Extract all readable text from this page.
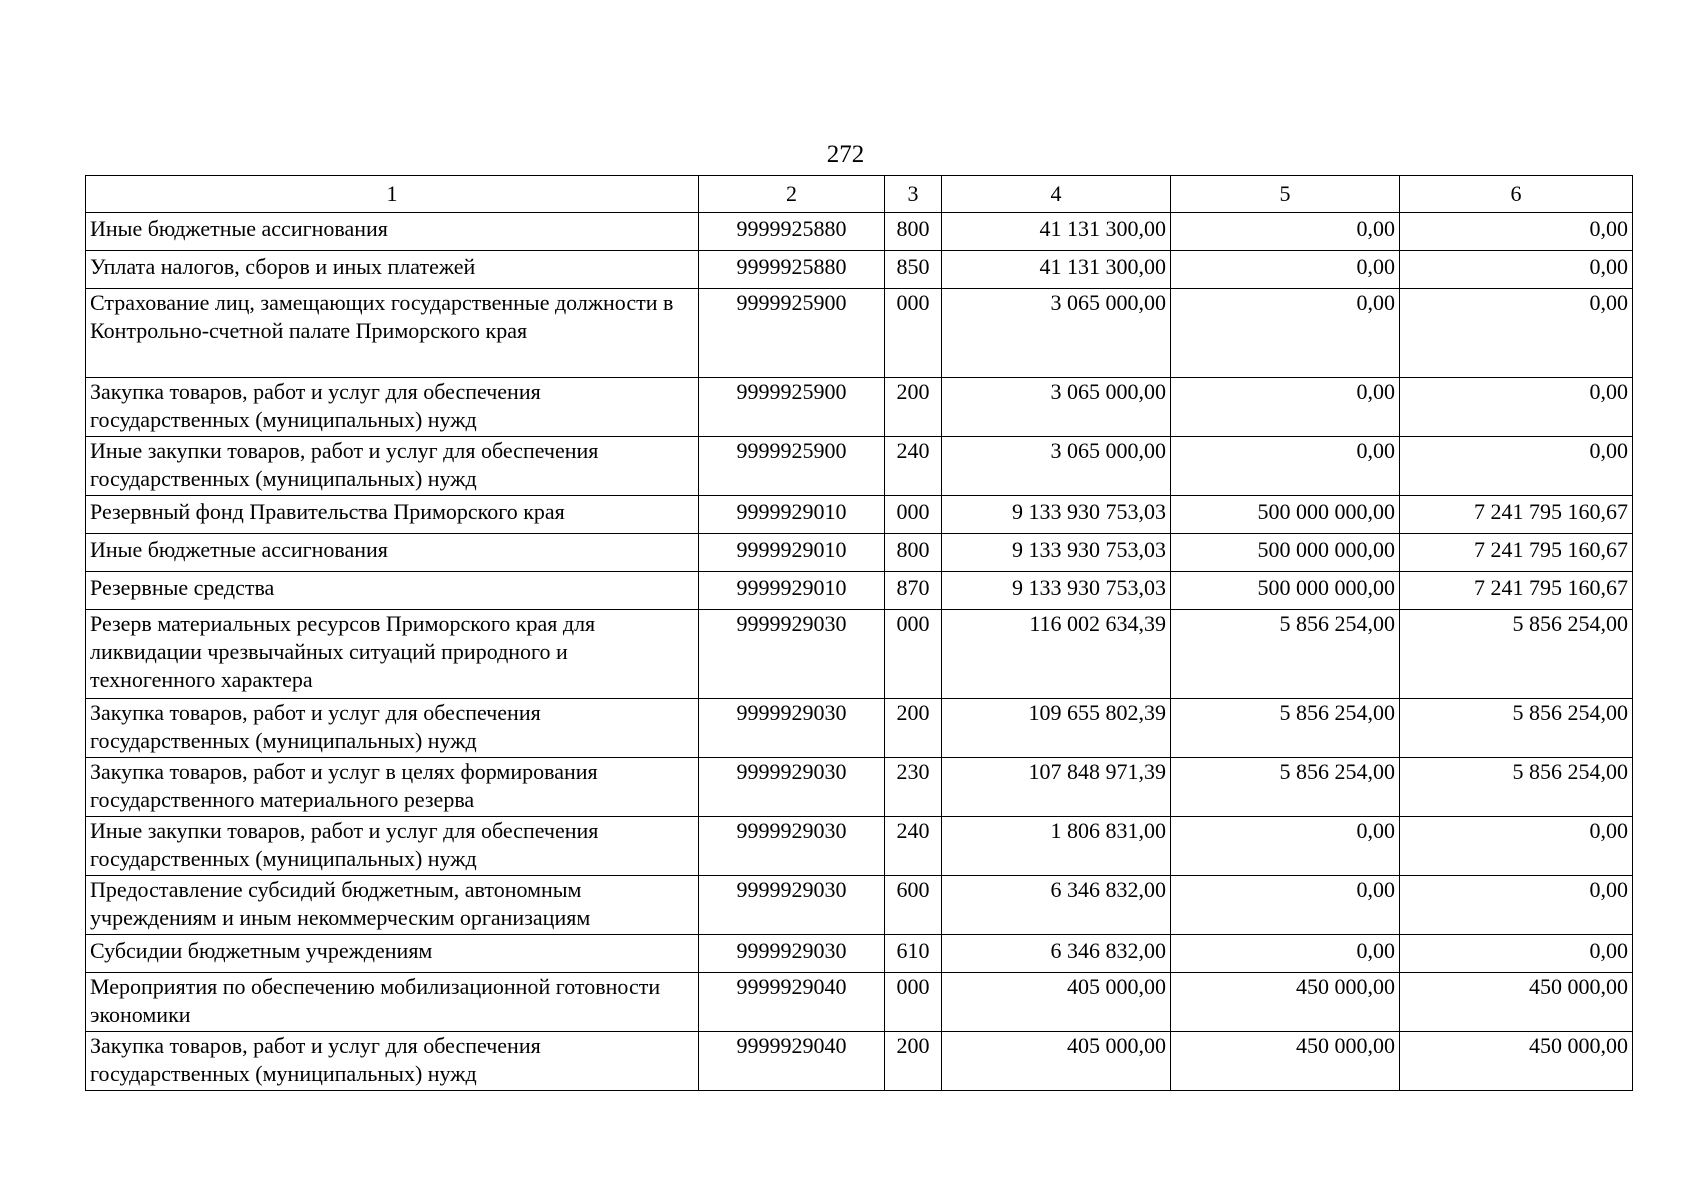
272
1	2	3	4	5	6
Иные бюджетные ассигнования	9999925880	800	41 131 300,00	0,00	0,00
Уплата налогов, сборов и иных платежей	9999925880	850	41 131 300,00	0,00	0,00
Страхование лиц, замещающих государственные должности в Контрольно-счетной палате Приморского края	9999925900	000	3 065 000,00	0,00	0,00
Закупка товаров, работ и услуг для обеспечения государственных (муниципальных) нужд	9999925900	200	3 065 000,00	0,00	0,00
Иные закупки товаров, работ и услуг для обеспечения государственных (муниципальных) нужд	9999925900	240	3 065 000,00	0,00	0,00
Резервный фонд Правительства Приморского края	9999929010	000	9 133 930 753,03	500 000 000,00	7 241 795 160,67
Иные бюджетные ассигнования	9999929010	800	9 133 930 753,03	500 000 000,00	7 241 795 160,67
Резервные средства	9999929010	870	9 133 930 753,03	500 000 000,00	7 241 795 160,67
Резерв материальных ресурсов Приморского края для ликвидации чрезвычайных ситуаций природного и техногенного характера	9999929030	000	116 002 634,39	5 856 254,00	5 856 254,00
Закупка товаров, работ и услуг для обеспечения государственных (муниципальных) нужд	9999929030	200	109 655 802,39	5 856 254,00	5 856 254,00
Закупка товаров, работ и услуг в целях формирования государственного материального резерва	9999929030	230	107 848 971,39	5 856 254,00	5 856 254,00
Иные закупки товаров, работ и услуг для обеспечения государственных (муниципальных) нужд	9999929030	240	1 806 831,00	0,00	0,00
Предоставление субсидий бюджетным, автономным учреждениям и иным некоммерческим организациям	9999929030	600	6 346 832,00	0,00	0,00
Субсидии бюджетным учреждениям	9999929030	610	6 346 832,00	0,00	0,00
Мероприятия по обеспечению мобилизационной готовности экономики	9999929040	000	405 000,00	450 000,00	450 000,00
Закупка товаров, работ и услуг для обеспечения государственных (муниципальных) нужд	9999929040	200	405 000,00	450 000,00	450 000,00
